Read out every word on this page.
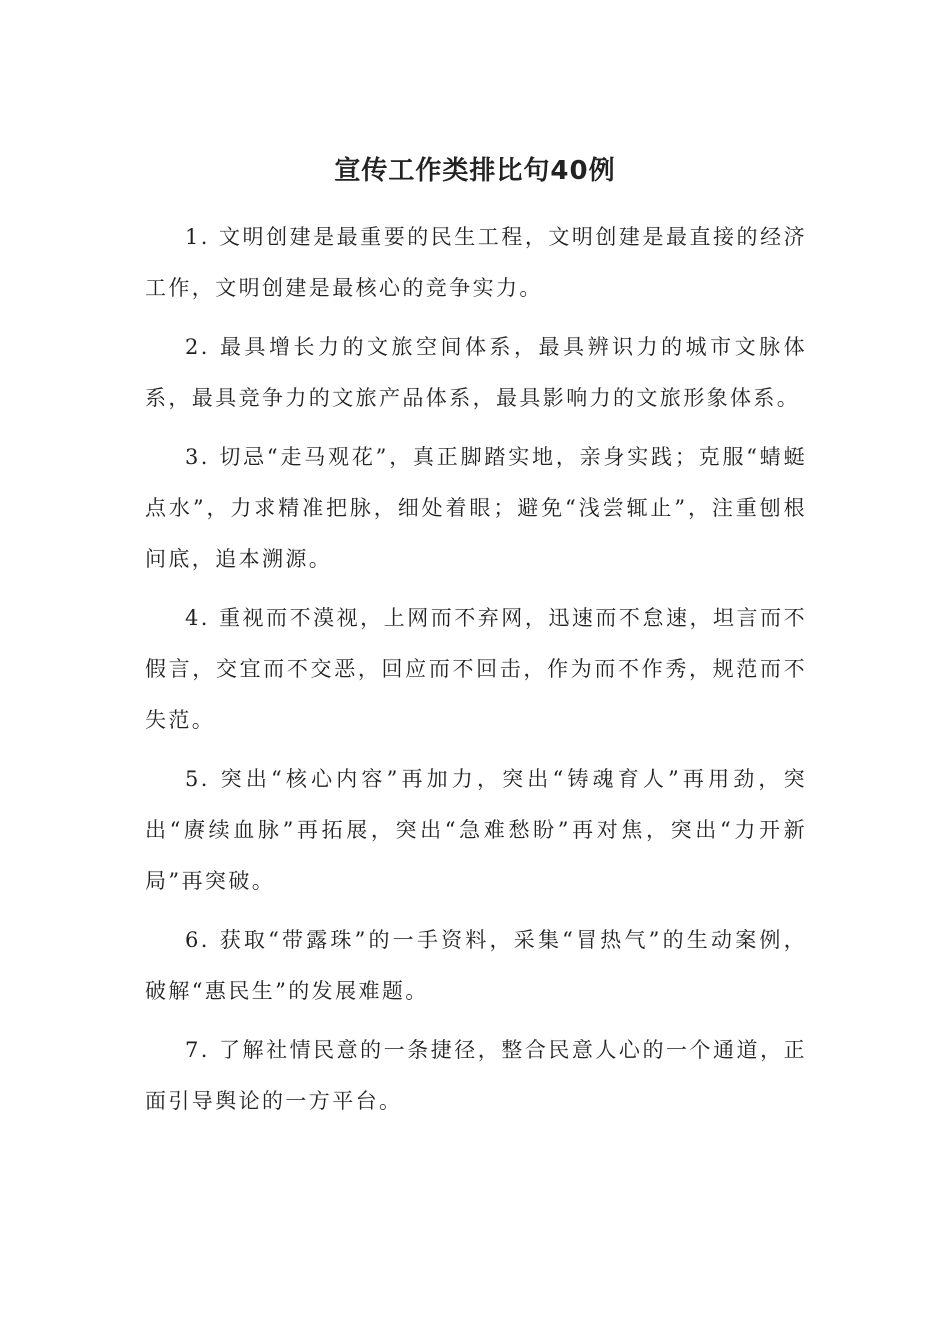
宣传工作类排比句40例

1. 文明创建是最重要的民生工程，文明创建是最直接的经济工作，文明创建是最核心的竞争实力。

2. 最具增长力的文旅空间体系，最具辨识力的城市文脉体系，最具竞争力的文旅产品体系，最具影响力的文旅形象体系。

3. 切忌“走马观花”，真正脚踏实地，亲身实践；克服“蜻蜓点水”，力求精准把脉，细处着眼；避免“浅尝辄止”，注重刨根问底，追本溯源。

4. 重视而不漠视，上网而不弃网，迅速而不怠速，坦言而不假言，交宜而不交恶，回应而不回击，作为而不作秀，规范而不失范。

5. 突出“核心内容”再加力，突出“铸魂育人”再用劲，突出“赓续血脉”再拓展，突出“急难愁盼”再对焦，突出“力开新局”再突破。

6. 获取“带露珠”的一手资料，采集“冒热气”的生动案例，破解“惠民生”的发展难题。

7. 了解社情民意的一条捷径，整合民意人心的一个通道，正面引导舆论的一方平台。
